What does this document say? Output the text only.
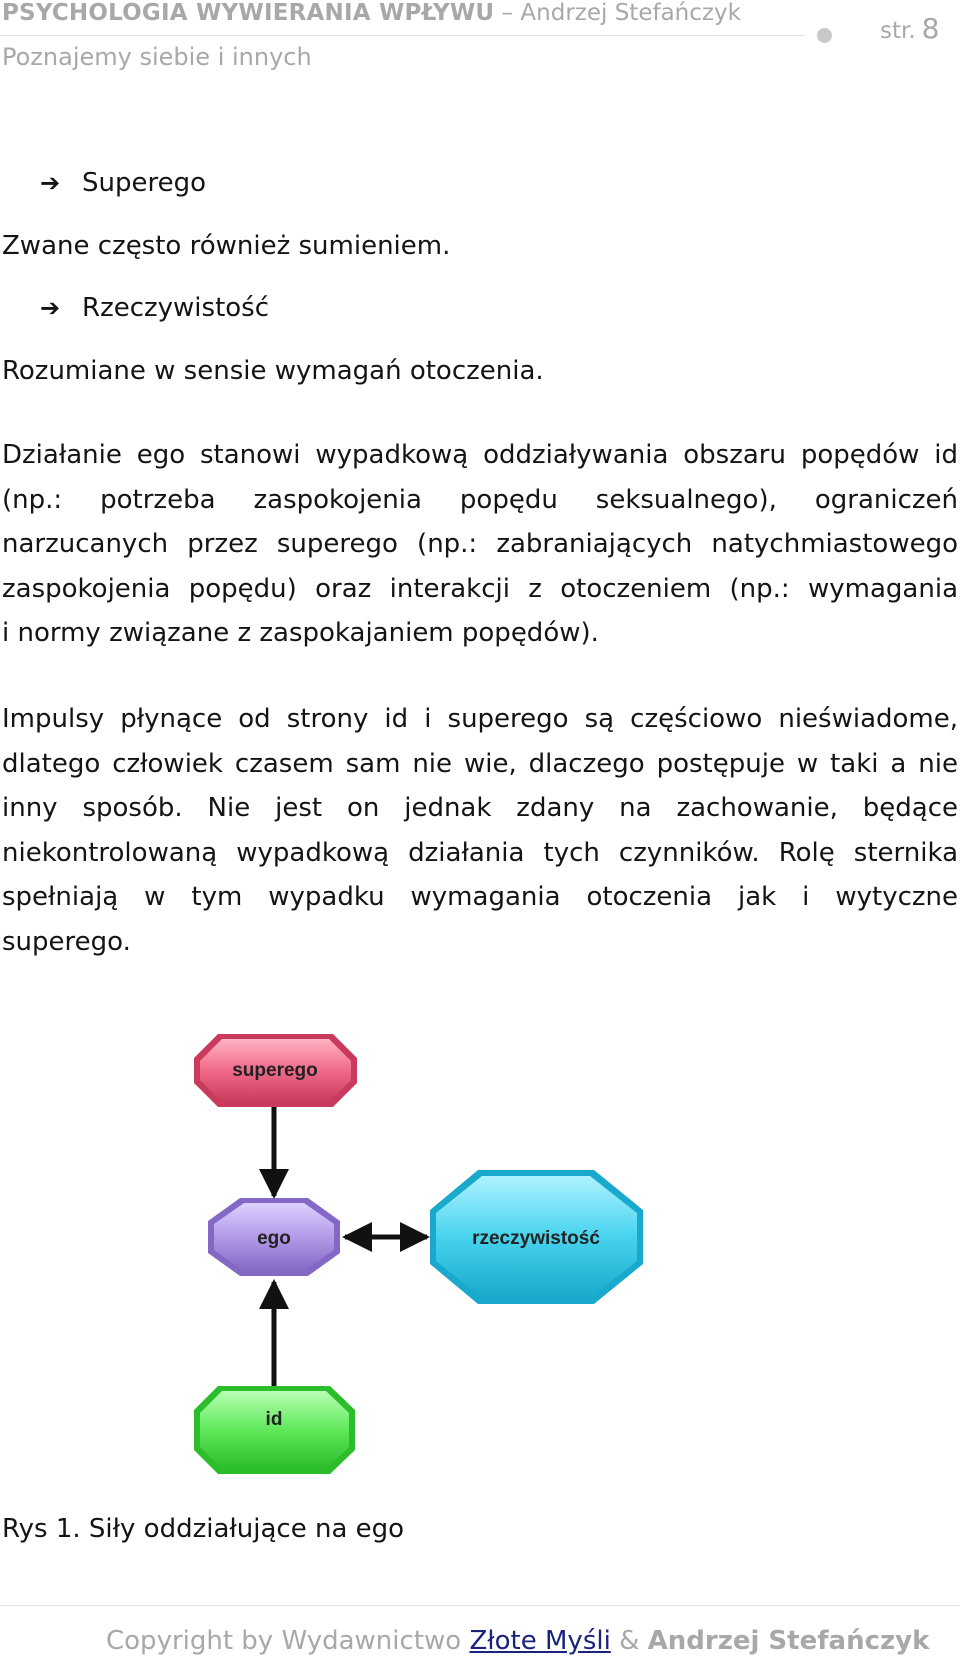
PSYCHOLOGIA WYWIERANIA WPŁYWU – Andrzej Stefańczyk
str. 8
Poznajemy siebie i innych
➔ Superego
Zwane często również sumieniem.
➔ Rzeczywistość
Rozumiane w sensie wymagań otoczenia.
Działanie ego stanowi wypadkową oddziaływania obszaru popędów id
(np.: potrzeba zaspokojenia popędu seksualnego), ograniczeń
narzucanych przez superego (np.: zabraniających natychmiastowego
zaspokojenia popędu) oraz interakcji z otoczeniem (np.: wymagania
i normy związane z zaspokajaniem popędów).
Impulsy płynące od strony id i superego są częściowo nieświadome,
dlatego człowiek czasem sam nie wie, dlaczego postępuje w taki a nie
inny sposób. Nie jest on jednak zdany na zachowanie, będące
niekontrolowaną wypadkową działania tych czynników. Rolę sternika
spełniają w tym wypadku wymagania otoczenia jak i wytyczne
superego.
superego
ego	rzeczywistość
id
Rys 1. Siły oddziałujące na ego
Copyright by Wydawnictwo Złote Myśli & Andrzej Stefańczyk
